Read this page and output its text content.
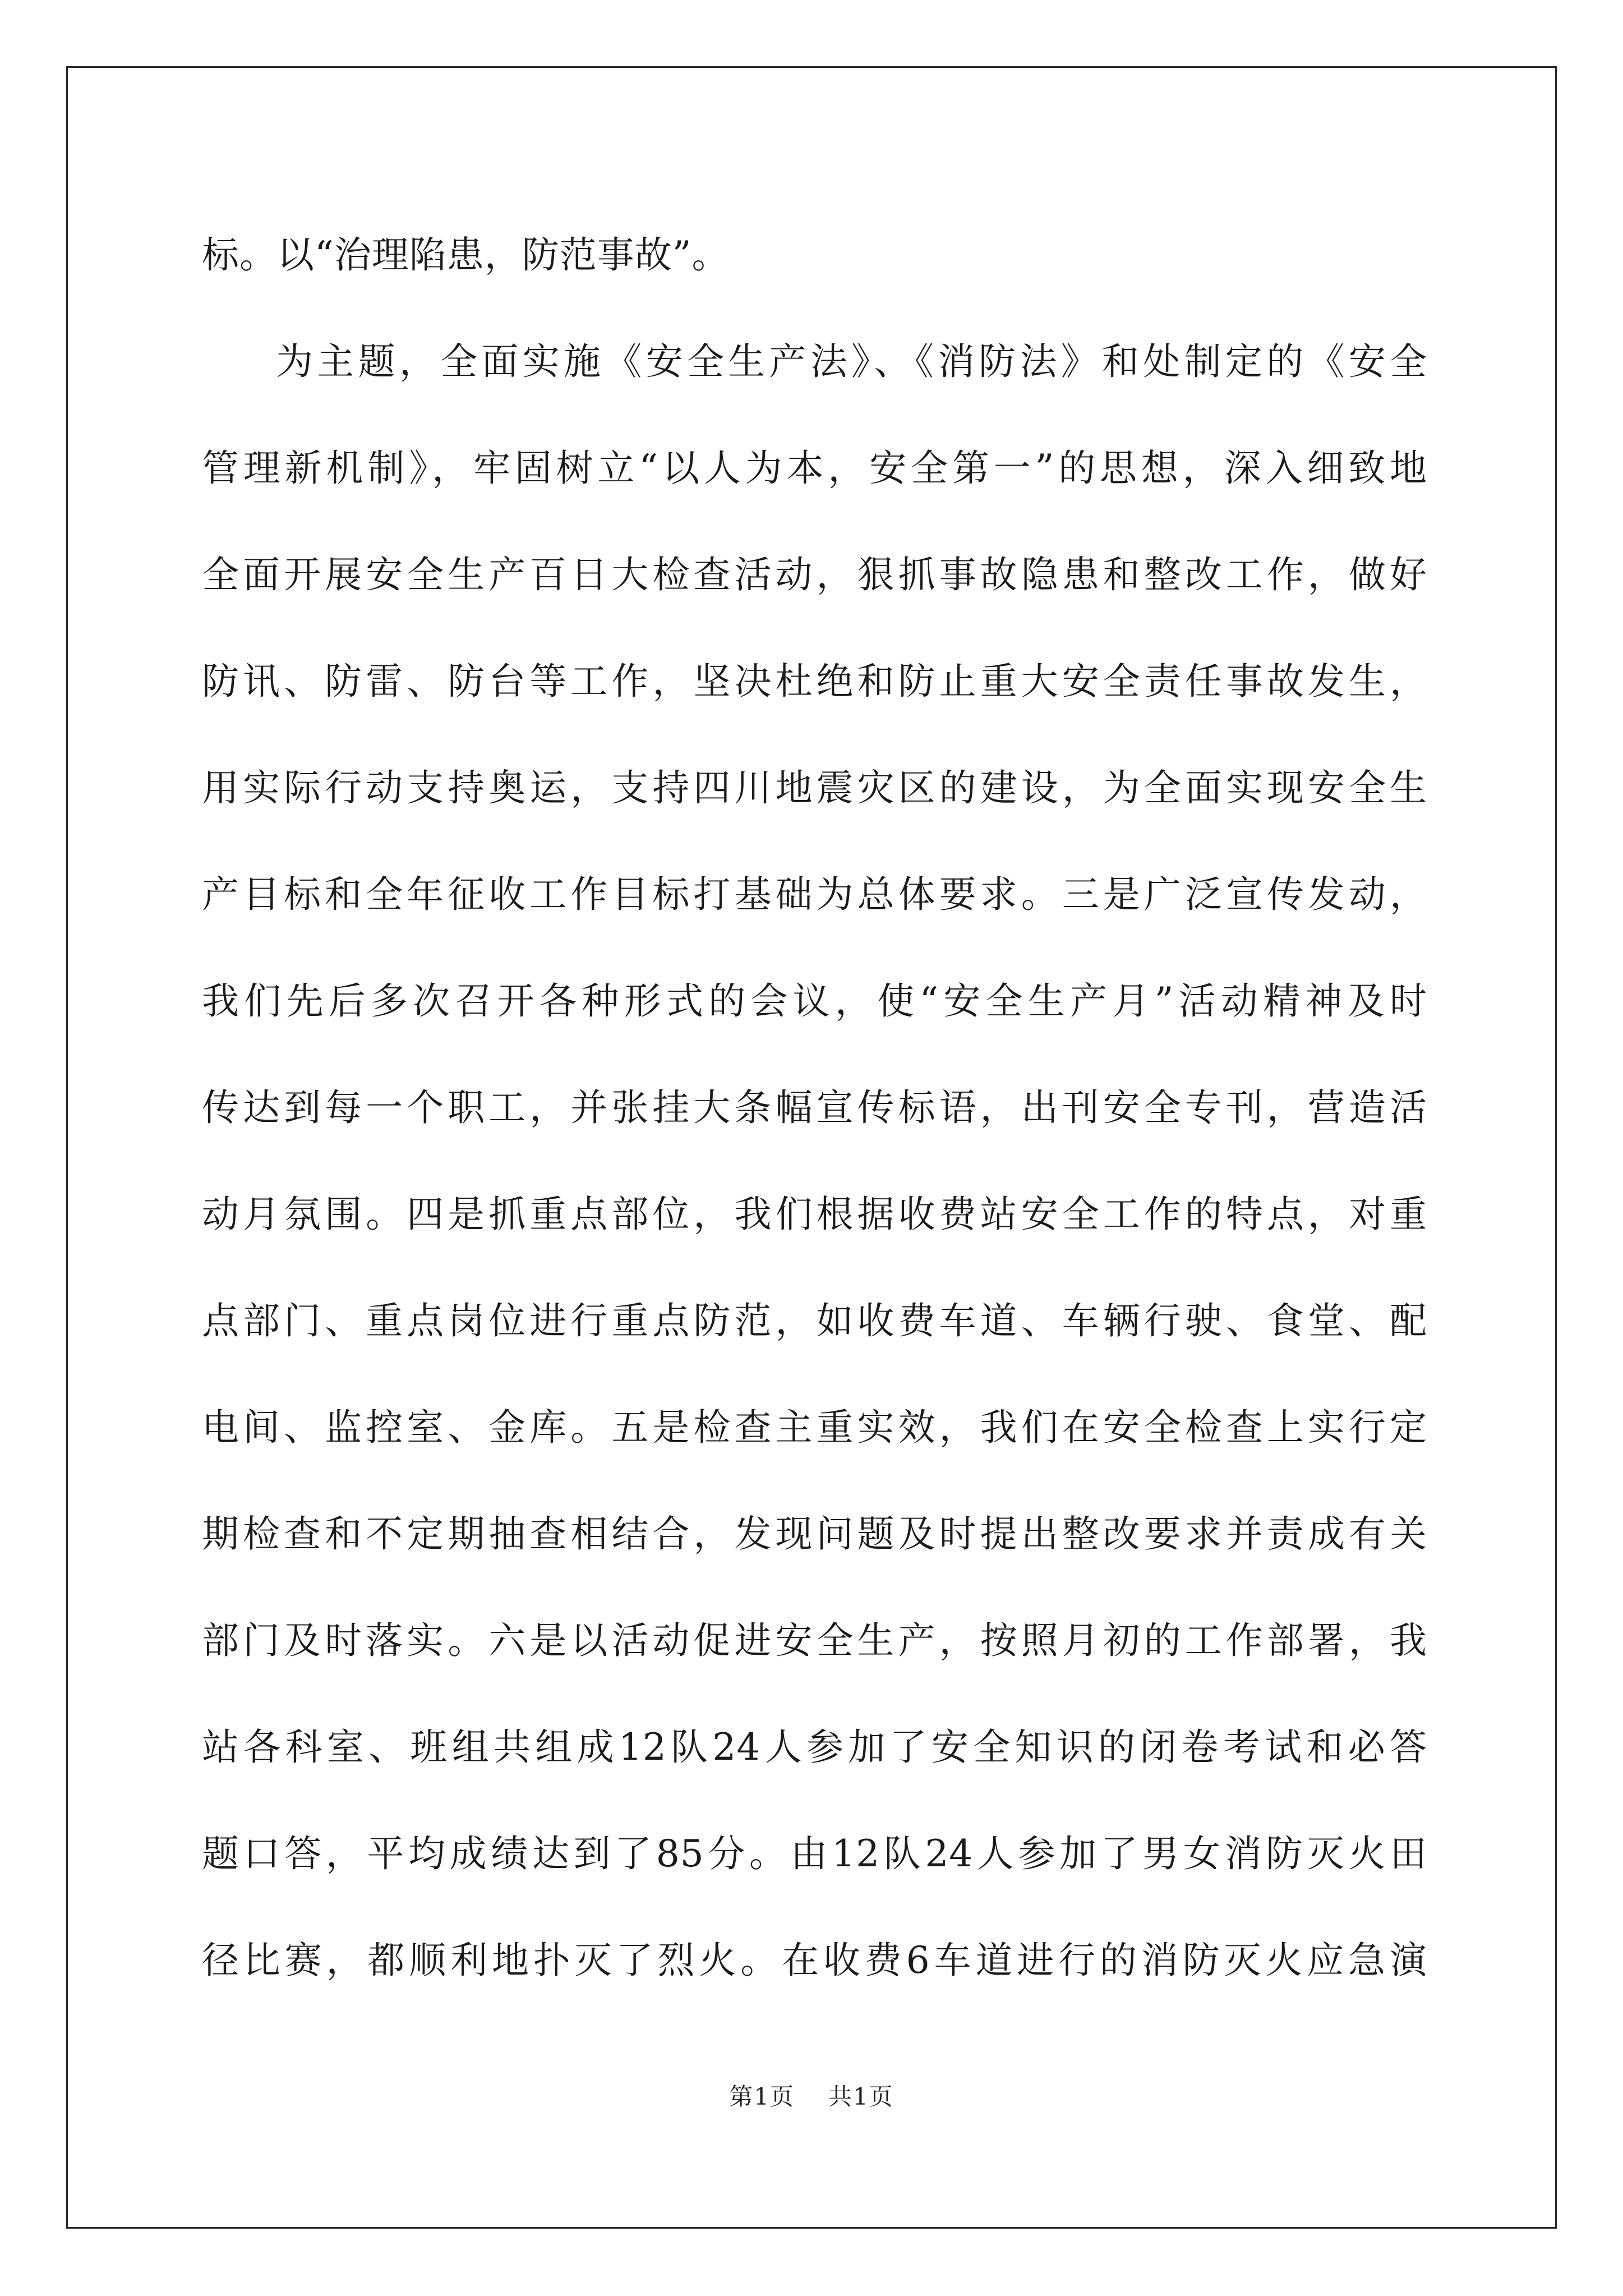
标。以“治理陷患，防范事故”。
为主题，全面实施《安全生产法》、《消防法》和处制定的《安全
管理新机制》，牢固树立“以人为本，安全第一”的思想，深入细致地
全面开展安全生产百日大检查活动，狠抓事故隐患和整改工作，做好
防讯、防雷、防台等工作，坚决杜绝和防止重大安全责任事故发生，
用实际行动支持奥运，支持四川地震灾区的建设，为全面实现安全生
产目标和全年征收工作目标打基础为总体要求。三是广泛宣传发动，
我们先后多次召开各种形式的会议，使“安全生产月”活动精神及时
传达到每一个职工，并张挂大条幅宣传标语，出刊安全专刊，营造活
动月氛围。四是抓重点部位，我们根据收费站安全工作的特点，对重
点部门、重点岗位进行重点防范，如收费车道、车辆行驶、食堂、配
电间、监控室、金库。五是检查主重实效，我们在安全检查上实行定
期检查和不定期抽查相结合，发现问题及时提出整改要求并责成有关
部门及时落实。六是以活动促进安全生产，按照月初的工作部署，我
站各科室、班组共组成12队24人参加了安全知识的闭卷考试和必答
题口答，平均成绩达到了85分。由12队24人参加了男女消防灭火田
径比赛，都顺利地扑灭了烈火。在收费6车道进行的消防灭火应急演
第1页 共1页
